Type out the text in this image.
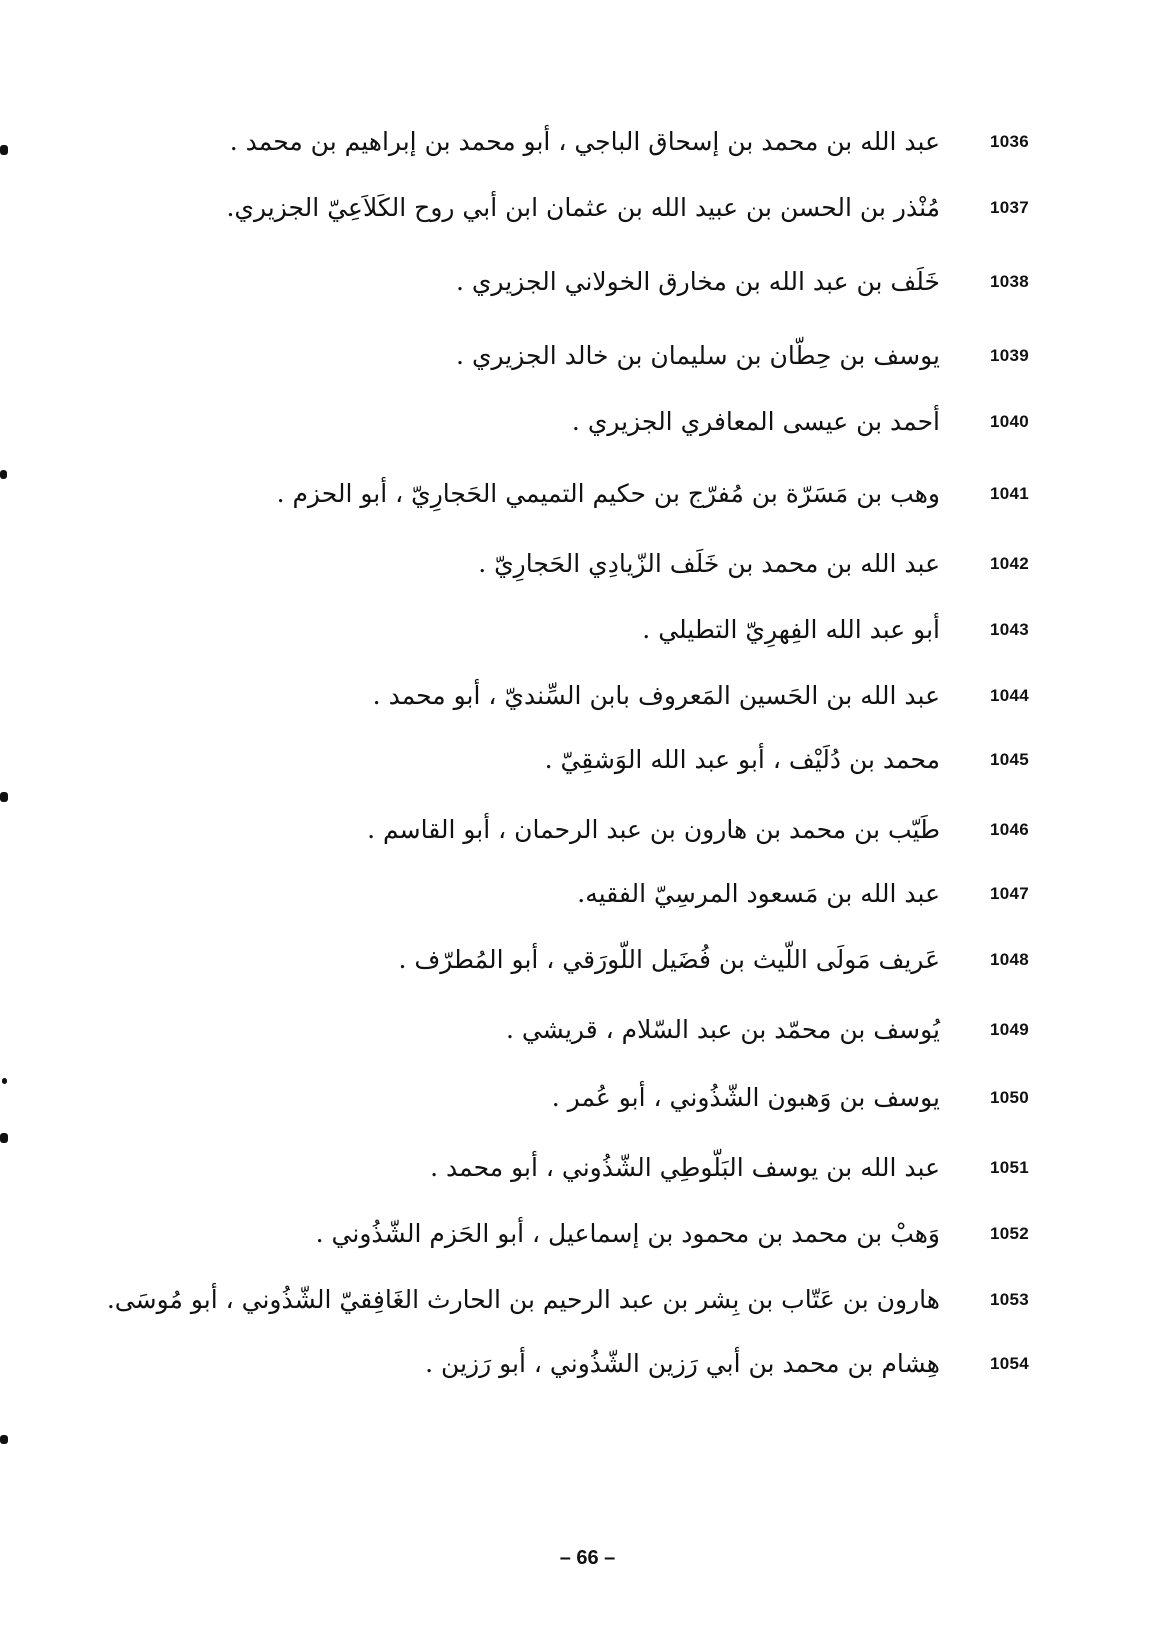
1036
عبد الله بن محمد بن إسحاق الباجي ، أبو محمد بن إبراهيم بن محمد .
1037
مُنْذر بن الحسن بن عبيد الله بن عثمان ابن أبي روح الكَلاَعِيّ الجزيري.
1038
خَلَف بن عبد الله بن مخارق الخولاني الجزيري .
1039
يوسف بن حِطّان بن سليمان بن خالد الجزيري .
1040
أحمد بن عيسى المعافري الجزيري .
1041
وهب بن مَسَرّة بن مُفرّج بن حكيم التميمي الحَجارِيّ ، أبو الحزم .
1042
عبد الله بن محمد بن خَلَف الزّيادِي الحَجارِيّ .
1043
أبو عبد الله الفِهرِيّ التطيلي .
1044
عبد الله بن الحَسين المَعروف بابن السِّنديّ ، أبو محمد .
1045
محمد بن دُلَيْف ، أبو عبد الله الوَشقِيّ .
1046
طَيّب بن محمد بن هارون بن عبد الرحمان ، أبو القاسم .
1047
عبد الله بن مَسعود المرسِيّ الفقيه.
1048
عَريف مَولَى اللّيث بن فُضَيل اللّورَقي ، أبو المُطرّف .
1049
يُوسف بن محمّد بن عبد السّلام ، قريشي .
1050
يوسف بن وَهبون الشّذُوني ، أبو عُمر .
1051
عبد الله بن يوسف البَلّوطِي الشّذُوني ، أبو محمد .
1052
وَهبْ بن محمد بن محمود بن إسماعيل ، أبو الحَزم الشّذُوني .
1053
هارون بن عَتّاب بن بِشر بن عبد الرحيم بن الحارث الغَافِقيّ الشّذُوني ، أبو مُوسَى.
1054
هِشام بن محمد بن أبي رَزين الشّذُوني ، أبو رَزين .
– 66 –
